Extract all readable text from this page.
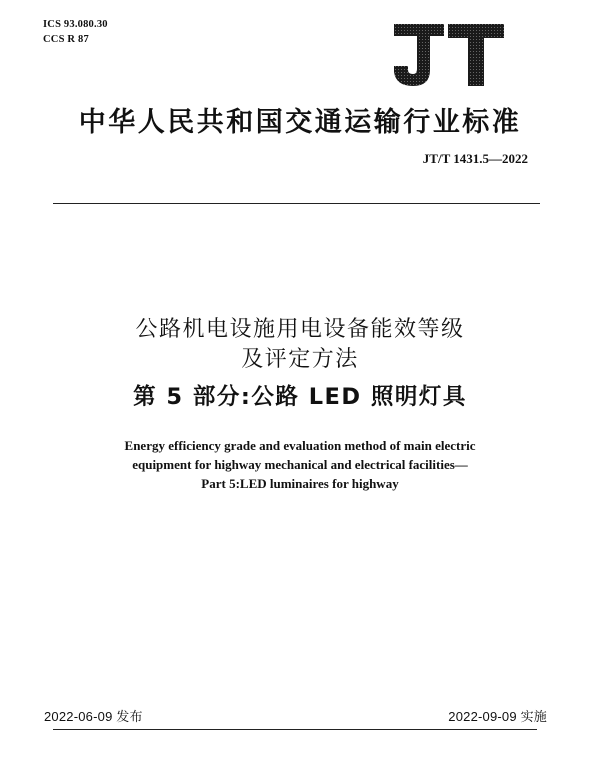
ICS 93.080.30
CCS R 87
JT
中华人民共和国交通运输行业标准
JT/T 1431.5—2022
公路机电设施用电设备能效等级
及评定方法
第 5 部分:公路 LED 照明灯具
Energy efficiency grade and evaluation method of main electric
equipment for highway mechanical and electrical facilities—
Part 5:LED luminaires for highway
2022-06-09 发布	2022-09-09 实施
